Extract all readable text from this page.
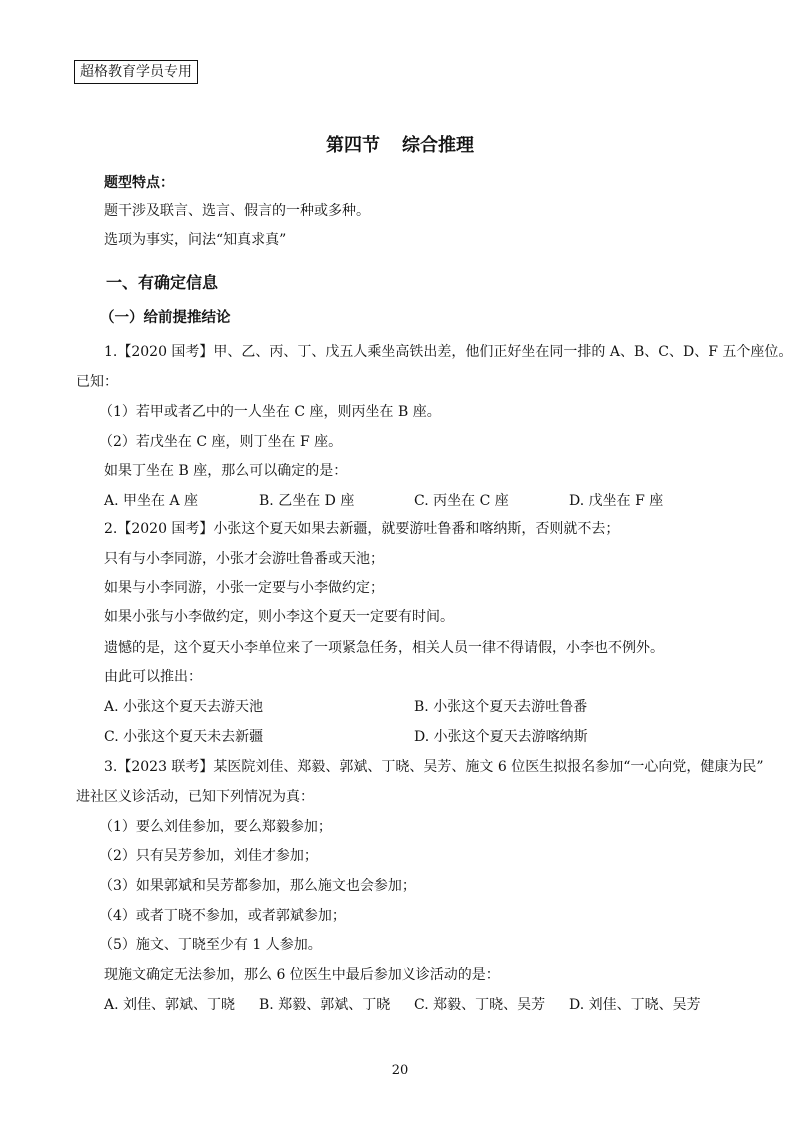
超格教育学员专用
第四节 综合推理
题型特点：
题干涉及联言、选言、假言的一种或多种。
选项为事实，问法“知真求真”
一、有确定信息
（一）给前提推结论
1.【2020 国考】甲、乙、丙、丁、戊五人乘坐高铁出差，他们正好坐在同一排的 A、B、C、D、F 五个座位。
已知：
（1）若甲或者乙中的一人坐在 C 座，则丙坐在 B 座。
（2）若戊坐在 C 座，则丁坐在 F 座。
如果丁坐在 B 座，那么可以确定的是：
A. 甲坐在 A 座	B. 乙坐在 D 座	C. 丙坐在 C 座	D. 戊坐在 F 座
2.【2020 国考】小张这个夏天如果去新疆，就要游吐鲁番和喀纳斯，否则就不去；
只有与小李同游，小张才会游吐鲁番或天池；
如果与小李同游，小张一定要与小李做约定；
如果小张与小李做约定，则小李这个夏天一定要有时间。
遗憾的是，这个夏天小李单位来了一项紧急任务，相关人员一律不得请假，小李也不例外。
由此可以推出：
A. 小张这个夏天去游天池	B. 小张这个夏天去游吐鲁番
C. 小张这个夏天未去新疆	D. 小张这个夏天去游喀纳斯
3.【2023 联考】某医院刘佳、郑毅、郭斌、丁晓、吴芳、施文 6 位医生拟报名参加“一心向党，健康为民”
进社区义诊活动，已知下列情况为真：
（1）要么刘佳参加，要么郑毅参加；
（2）只有吴芳参加，刘佳才参加；
（3）如果郭斌和吴芳都参加，那么施文也会参加；
（4）或者丁晓不参加，或者郭斌参加；
（5）施文、丁晓至少有 1 人参加。
现施文确定无法参加，那么 6 位医生中最后参加义诊活动的是：
A. 刘佳、郭斌、丁晓 B. 郑毅、郭斌、丁晓 C. 郑毅、丁晓、吴芳 D. 刘佳、丁晓、吴芳
20
